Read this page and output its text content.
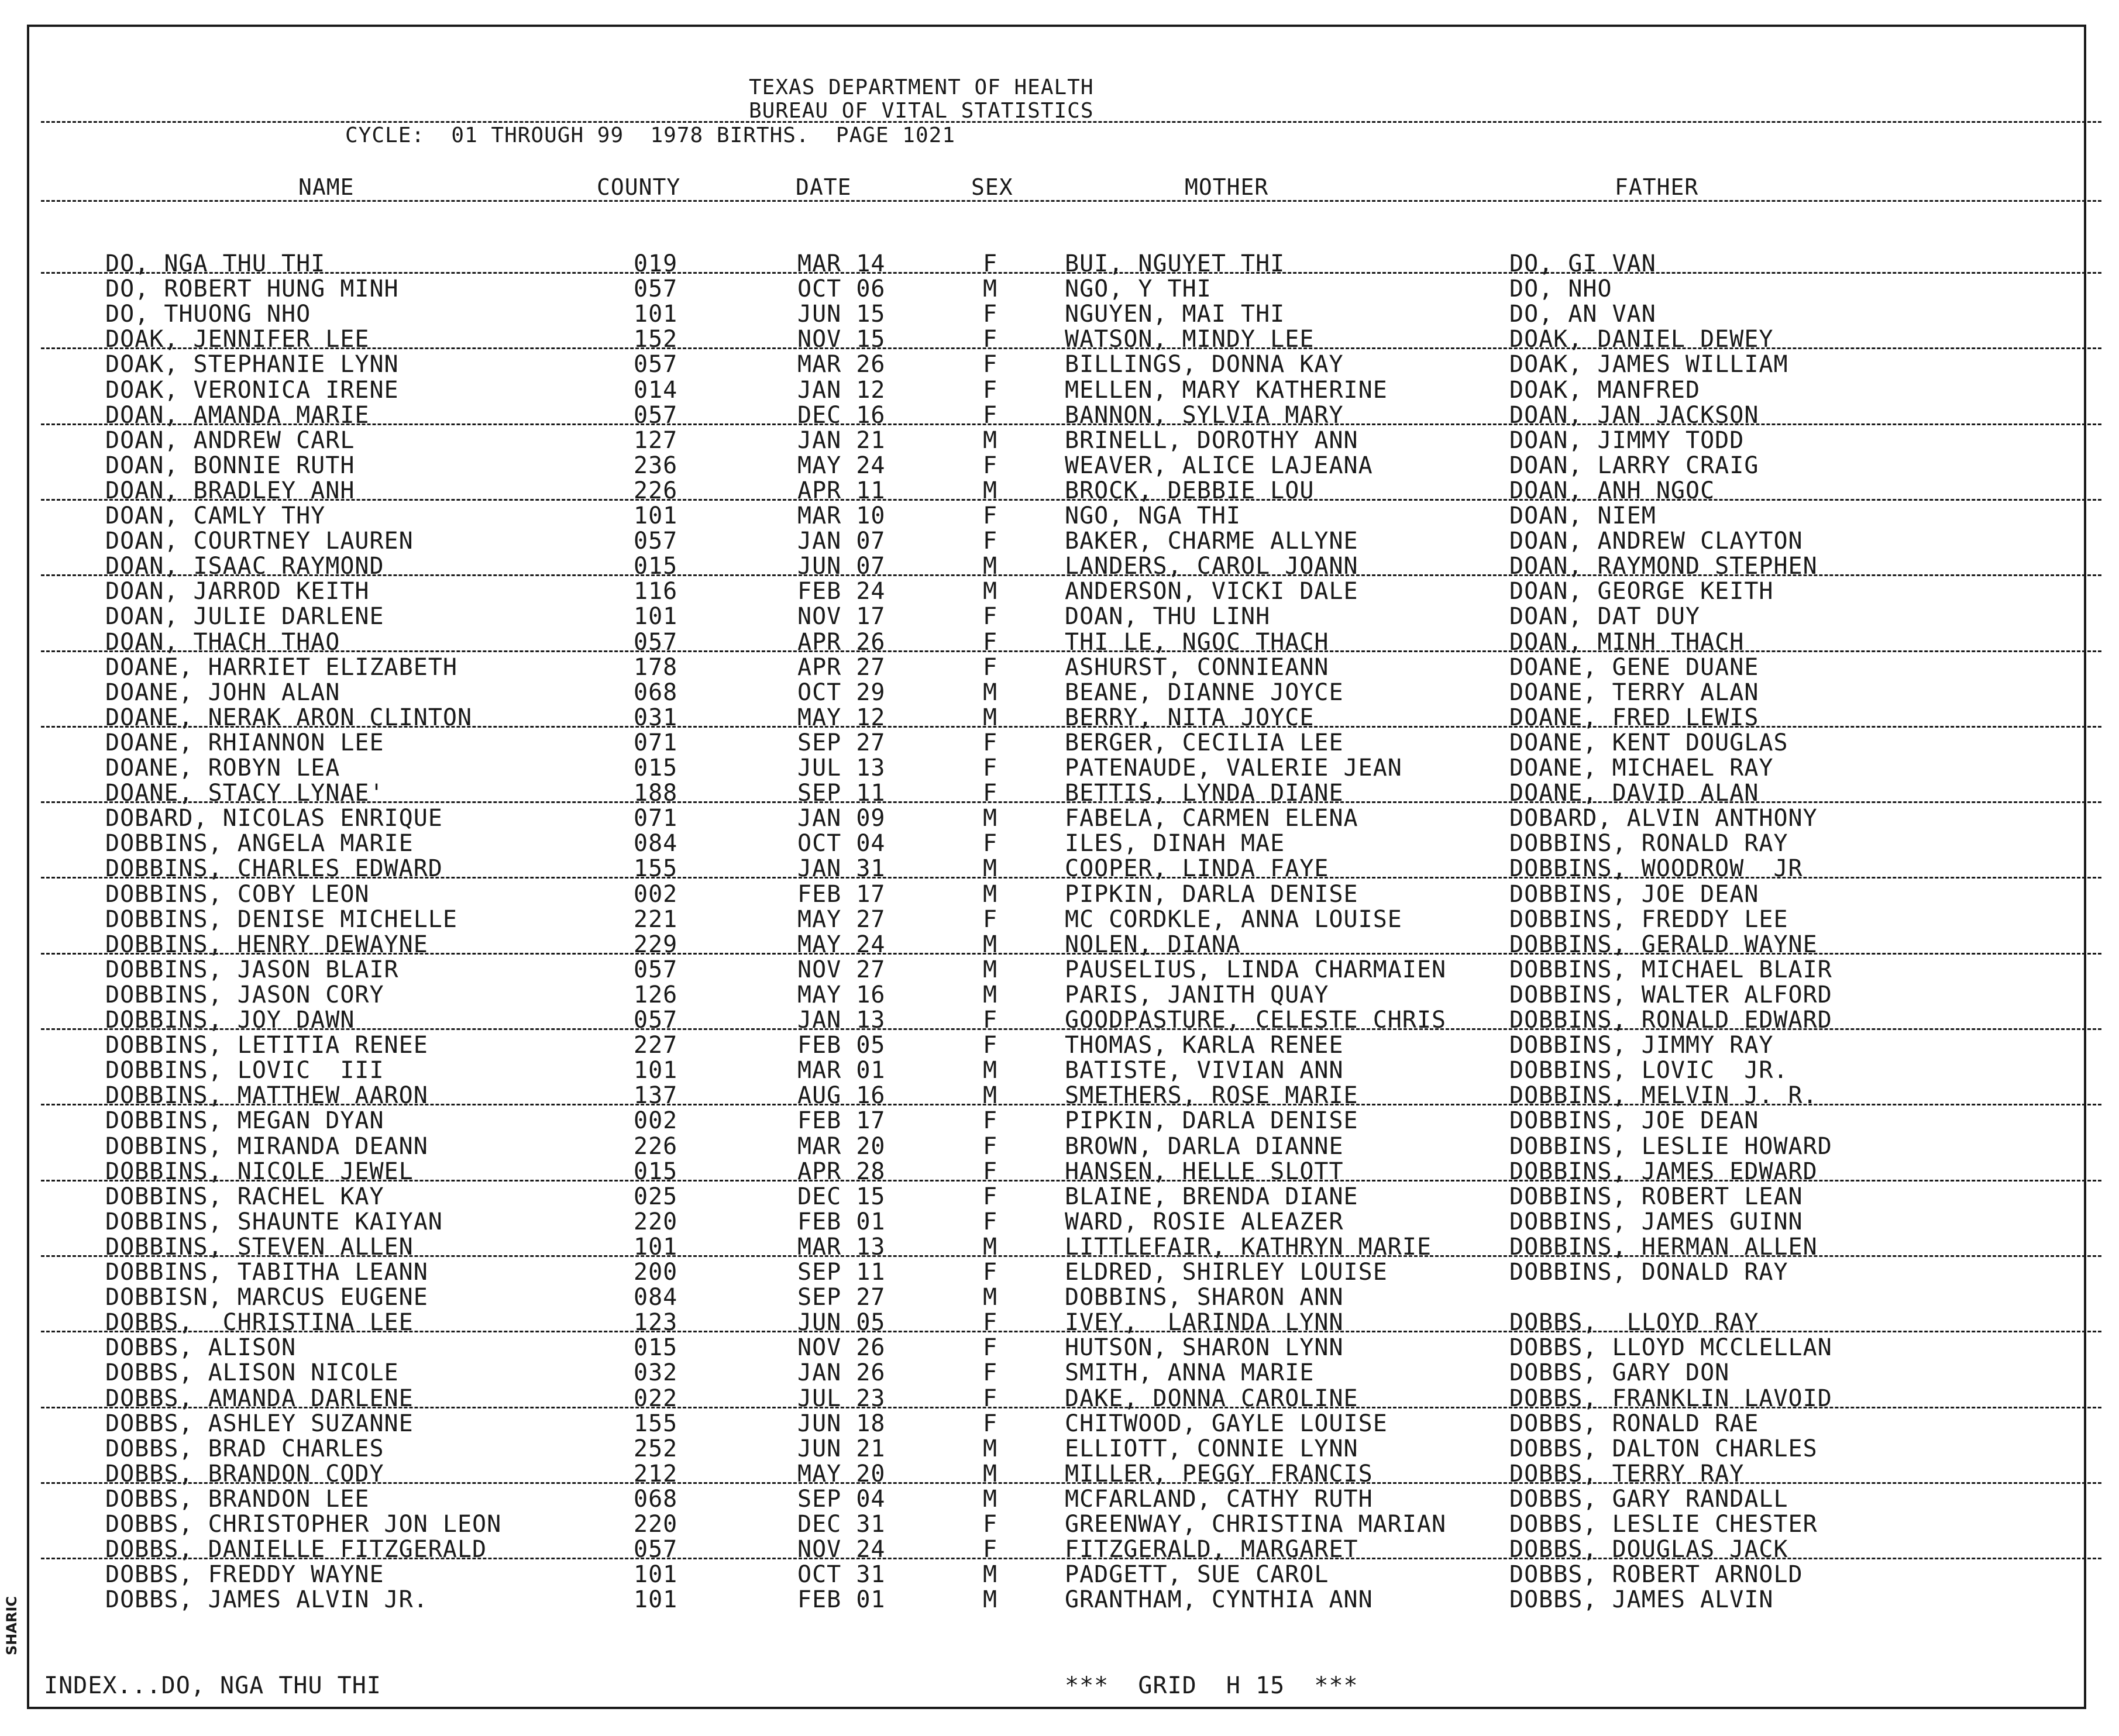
SHARIC
TEXAS DEPARTMENT OF HEALTH
BUREAU OF VITAL STATISTICS
CYCLE:  01 THROUGH 99  1978 BIRTHS.  PAGE 1021
NAME	COUNTY	DATE	SEX	MOTHER	FATHER
DO, NGA THU THI	019	MAR 14	F	BUI, NGUYET THI	DO, GI VAN
DO, ROBERT HUNG MINH	057	OCT 06	M	NGO, Y THI	DO, NHO
DO, THUONG NHO	101	JUN 15	F	NGUYEN, MAI THI	DO, AN VAN
DOAK, JENNIFER LEE	152	NOV 15	F	WATSON, MINDY LEE	DOAK, DANIEL DEWEY
DOAK, STEPHANIE LYNN	057	MAR 26	F	BILLINGS, DONNA KAY	DOAK, JAMES WILLIAM
DOAK, VERONICA IRENE	014	JAN 12	F	MELLEN, MARY KATHERINE	DOAK, MANFRED
DOAN, AMANDA MARIE	057	DEC 16	F	BANNON, SYLVIA MARY	DOAN, JAN JACKSON
DOAN, ANDREW CARL	127	JAN 21	M	BRINELL, DOROTHY ANN	DOAN, JIMMY TODD
DOAN, BONNIE RUTH	236	MAY 24	F	WEAVER, ALICE LAJEANA	DOAN, LARRY CRAIG
DOAN, BRADLEY ANH	226	APR 11	M	BROCK, DEBBIE LOU	DOAN, ANH NGOC
DOAN, CAMLY THY	101	MAR 10	F	NGO, NGA THI	DOAN, NIEM
DOAN, COURTNEY LAUREN	057	JAN 07	F	BAKER, CHARME ALLYNE	DOAN, ANDREW CLAYTON
DOAN, ISAAC RAYMOND	015	JUN 07	M	LANDERS, CAROL JOANN	DOAN, RAYMOND STEPHEN
DOAN, JARROD KEITH	116	FEB 24	M	ANDERSON, VICKI DALE	DOAN, GEORGE KEITH
DOAN, JULIE DARLENE	101	NOV 17	F	DOAN, THU LINH	DOAN, DAT DUY
DOAN, THACH THAO	057	APR 26	F	THI LE, NGOC THACH	DOAN, MINH THACH
DOANE, HARRIET ELIZABETH	178	APR 27	F	ASHURST, CONNIEANN	DOANE, GENE DUANE
DOANE, JOHN ALAN	068	OCT 29	M	BEANE, DIANNE JOYCE	DOANE, TERRY ALAN
DOANE, NERAK ARON CLINTON	031	MAY 12	M	BERRY, NITA JOYCE	DOANE, FRED LEWIS
DOANE, RHIANNON LEE	071	SEP 27	F	BERGER, CECILIA LEE	DOANE, KENT DOUGLAS
DOANE, ROBYN LEA	015	JUL 13	F	PATENAUDE, VALERIE JEAN	DOANE, MICHAEL RAY
DOANE, STACY LYNAE'	188	SEP 11	F	BETTIS, LYNDA DIANE	DOANE, DAVID ALAN
DOBARD, NICOLAS ENRIQUE	071	JAN 09	M	FABELA, CARMEN ELENA	DOBARD, ALVIN ANTHONY
DOBBINS, ANGELA MARIE	084	OCT 04	F	ILES, DINAH MAE	DOBBINS, RONALD RAY
DOBBINS, CHARLES EDWARD	155	JAN 31	M	COOPER, LINDA FAYE	DOBBINS, WOODROW  JR
DOBBINS, COBY LEON	002	FEB 17	M	PIPKIN, DARLA DENISE	DOBBINS, JOE DEAN
DOBBINS, DENISE MICHELLE	221	MAY 27	F	MC CORDKLE, ANNA LOUISE	DOBBINS, FREDDY LEE
DOBBINS, HENRY DEWAYNE	229	MAY 24	M	NOLEN, DIANA	DOBBINS, GERALD WAYNE
DOBBINS, JASON BLAIR	057	NOV 27	M	PAUSELIUS, LINDA CHARMAIEN	DOBBINS, MICHAEL BLAIR
DOBBINS, JASON CORY	126	MAY 16	M	PARIS, JANITH QUAY	DOBBINS, WALTER ALFORD
DOBBINS, JOY DAWN	057	JAN 13	F	GOODPASTURE, CELESTE CHRIS	DOBBINS, RONALD EDWARD
DOBBINS, LETITIA RENEE	227	FEB 05	F	THOMAS, KARLA RENEE	DOBBINS, JIMMY RAY
DOBBINS, LOVIC  III	101	MAR 01	M	BATISTE, VIVIAN ANN	DOBBINS, LOVIC  JR.
DOBBINS, MATTHEW AARON	137	AUG 16	M	SMETHERS, ROSE MARIE	DOBBINS, MELVIN J. R.
DOBBINS, MEGAN DYAN	002	FEB 17	F	PIPKIN, DARLA DENISE	DOBBINS, JOE DEAN
DOBBINS, MIRANDA DEANN	226	MAR 20	F	BROWN, DARLA DIANNE	DOBBINS, LESLIE HOWARD
DOBBINS, NICOLE JEWEL	015	APR 28	F	HANSEN, HELLE SLOTT	DOBBINS, JAMES EDWARD
DOBBINS, RACHEL KAY	025	DEC 15	F	BLAINE, BRENDA DIANE	DOBBINS, ROBERT LEAN
DOBBINS, SHAUNTE KAIYAN	220	FEB 01	F	WARD, ROSIE ALEAZER	DOBBINS, JAMES GUINN
DOBBINS, STEVEN ALLEN	101	MAR 13	M	LITTLEFAIR, KATHRYN MARIE	DOBBINS, HERMAN ALLEN
DOBBINS, TABITHA LEANN	200	SEP 11	F	ELDRED, SHIRLEY LOUISE	DOBBINS, DONALD RAY
DOBBISN, MARCUS EUGENE	084	SEP 27	M	DOBBINS, SHARON ANN
DOBBS,  CHRISTINA LEE	123	JUN 05	F	IVEY,  LARINDA LYNN	DOBBS,  LLOYD RAY
DOBBS, ALISON	015	NOV 26	F	HUTSON, SHARON LYNN	DOBBS, LLOYD MCCLELLAN
DOBBS, ALISON NICOLE	032	JAN 26	F	SMITH, ANNA MARIE	DOBBS, GARY DON
DOBBS, AMANDA DARLENE	022	JUL 23	F	DAKE, DONNA CAROLINE	DOBBS, FRANKLIN LAVOID
DOBBS, ASHLEY SUZANNE	155	JUN 18	F	CHITWOOD, GAYLE LOUISE	DOBBS, RONALD RAE
DOBBS, BRAD CHARLES	252	JUN 21	M	ELLIOTT, CONNIE LYNN	DOBBS, DALTON CHARLES
DOBBS, BRANDON CODY	212	MAY 20	M	MILLER, PEGGY FRANCIS	DOBBS, TERRY RAY
DOBBS, BRANDON LEE	068	SEP 04	M	MCFARLAND, CATHY RUTH	DOBBS, GARY RANDALL
DOBBS, CHRISTOPHER JON LEON	220	DEC 31	F	GREENWAY, CHRISTINA MARIAN	DOBBS, LESLIE CHESTER
DOBBS, DANIELLE FITZGERALD	057	NOV 24	F	FITZGERALD, MARGARET	DOBBS, DOUGLAS JACK
DOBBS, FREDDY WAYNE	101	OCT 31	M	PADGETT, SUE CAROL	DOBBS, ROBERT ARNOLD
DOBBS, JAMES ALVIN JR.	101	FEB 01	M	GRANTHAM, CYNTHIA ANN	DOBBS, JAMES ALVIN
INDEX...DO, NGA THU THI	***  GRID  H 15  ***
